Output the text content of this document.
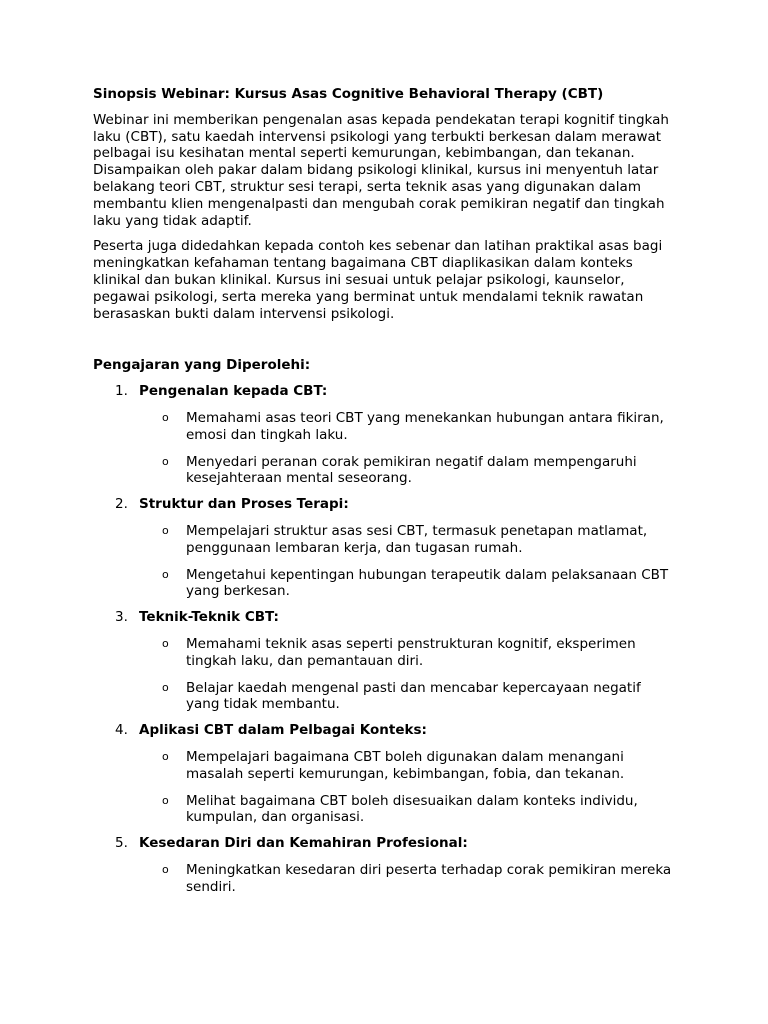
Sinopsis Webinar: Kursus Asas Cognitive Behavioral Therapy (CBT)

Webinar ini memberikan pengenalan asas kepada pendekatan terapi kognitif tingkah laku (CBT), satu kaedah intervensi psikologi yang terbukti berkesan dalam merawat pelbagai isu kesihatan mental seperti kemurungan, kebimbangan, dan tekanan. Disampaikan oleh pakar dalam bidang psikologi klinikal, kursus ini menyentuh latar belakang teori CBT, struktur sesi terapi, serta teknik asas yang digunakan dalam membantu klien mengenalpasti dan mengubah corak pemikiran negatif dan tingkah laku yang tidak adaptif.

Peserta juga didedahkan kepada contoh kes sebenar dan latihan praktikal asas bagi meningkatkan kefahaman tentang bagaimana CBT diaplikasikan dalam konteks klinikal dan bukan klinikal. Kursus ini sesuai untuk pelajar psikologi, kaunselor, pegawai psikologi, serta mereka yang berminat untuk mendalami teknik rawatan berasaskan bukti dalam intervensi psikologi.

Pengajaran yang Diperolehi:
1. Pengenalan kepada CBT:
o Memahami asas teori CBT yang menekankan hubungan antara fikiran, emosi dan tingkah laku.
o Menyedari peranan corak pemikiran negatif dalam mempengaruhi kesejahteraan mental seseorang.
2. Struktur dan Proses Terapi:
o Mempelajari struktur asas sesi CBT, termasuk penetapan matlamat, penggunaan lembaran kerja, dan tugasan rumah.
o Mengetahui kepentingan hubungan terapeutik dalam pelaksanaan CBT yang berkesan.
3. Teknik-Teknik CBT:
o Memahami teknik asas seperti penstrukturan kognitif, eksperimen tingkah laku, dan pemantauan diri.
o Belajar kaedah mengenal pasti dan mencabar kepercayaan negatif yang tidak membantu.
4. Aplikasi CBT dalam Pelbagai Konteks:
o Mempelajari bagaimana CBT boleh digunakan dalam menangani masalah seperti kemurungan, kebimbangan, fobia, dan tekanan.
o Melihat bagaimana CBT boleh disesuaikan dalam konteks individu, kumpulan, dan organisasi.
5. Kesedaran Diri dan Kemahiran Profesional:
o Meningkatkan kesedaran diri peserta terhadap corak pemikiran mereka sendiri.
